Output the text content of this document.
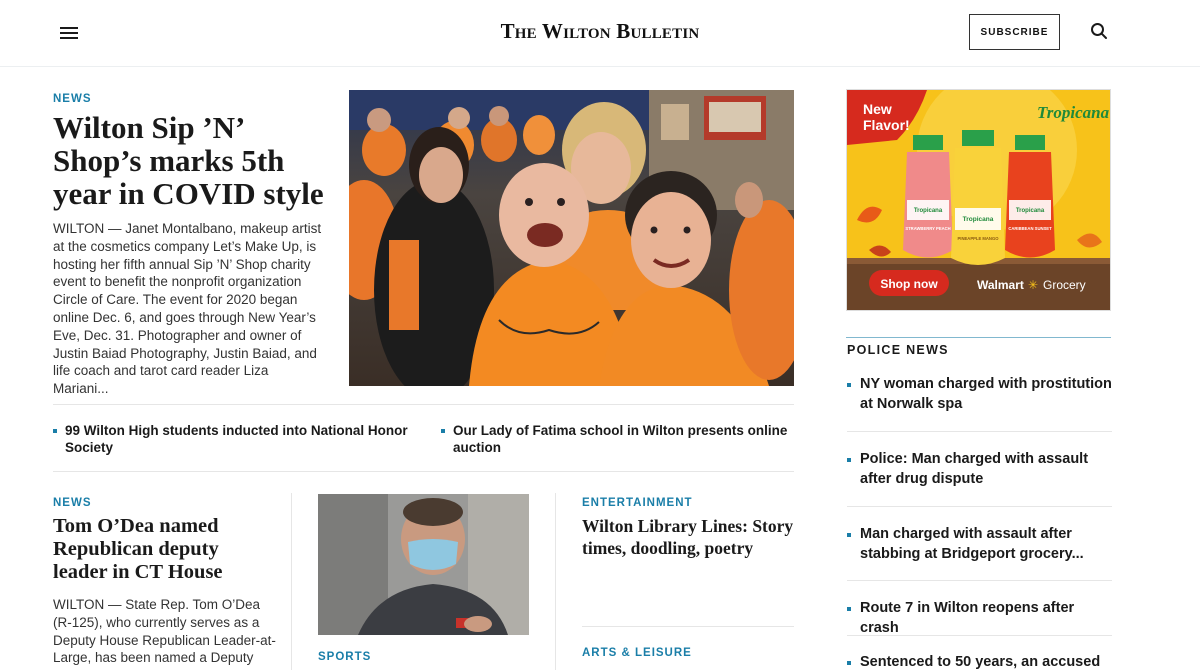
The Wilton Bulletin	SUBSCRIBE
NEWS
Wilton Sip ’N’ Shop’s marks 5th year in COVID style
WILTON — Janet Montalbano, makeup artist at the cosmetics company Let’s Make Up, is hosting her fifth annual Sip ’N’ Shop charity event to benefit the nonprofit organization Circle of Care. The event for 2020 began online Dec. 6, and goes through New Year’s Eve, Dec. 31. Photographer and owner of Justin Baiad Photography, Justin Baiad, and life coach and tarot card reader Liza Mariani...
99 Wilton High students inducted into National Honor Society
Our Lady of Fatima school in Wilton presents online auction
NEWS
Tom O’Dea named Republican deputy leader in CT House
WILTON — State Rep. Tom O’Dea (R-125), who currently serves as a Deputy House Republican Leader-at-Large, has been named a Deputy	SPORTS
ENTERTAINMENT
Wilton Library Lines: Story times, doodling, poetry
ARTS & LEISURE
New
Flavor!
Tropicana
Tropicana
STRAWBERRY PEACH
Tropicana
PINEAPPLE MANGO
Tropicana
CARIBBEAN SUNSET
Shop now	Walmart ✳ Grocery
POLICE NEWS
NY woman charged with prostitution at Norwalk spa
Police: Man charged with assault after drug dispute
Man charged with assault after stabbing at Bridgeport grocery...
Route 7 in Wilton reopens after crash
Sentenced to 50 years, an accused
